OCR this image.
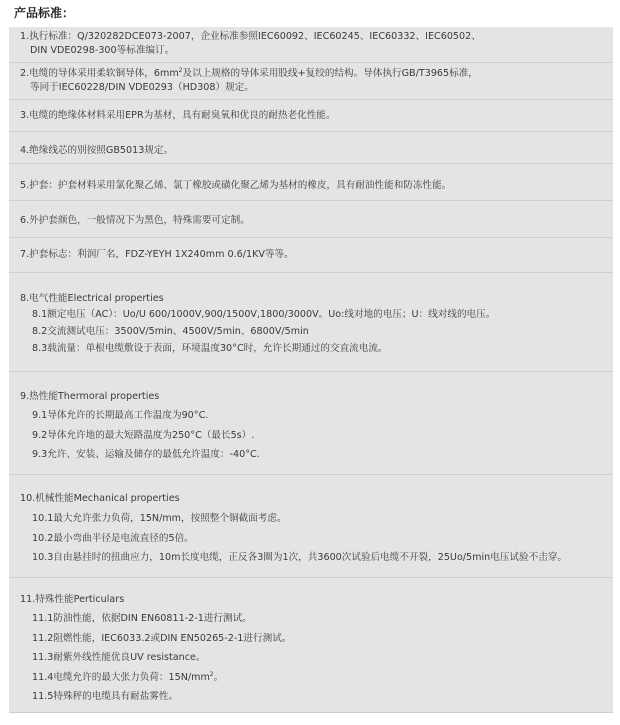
产品标准：
1.执行标准：Q/320282DCE073-2007，企业标准参照IEC60092、IEC60245、IEC60332、IEC60502、
DIN VDE0298-300等标准编订。
2.电缆的导体采用柔软铜导体，$6mm^2$及以上规格的导体采用股线+复绞的结构。导体执行GB/T3965标准，
等同于IEC60228/DIN VDE0293（HD308）规定。
3.电缆的绝缘体材料采用EPR为基材，具有耐臭氧和优良的耐热老化性能。
4.绝缘线芯的别按照GB5013规定。
5.护套：护套材料采用氯化聚乙烯、氯丁橡胶或磺化聚乙烯为基材的橡皮，具有耐油性能和防冻性能。
6.外护套颜色，一般情况下为黑色，特殊需要可定制。
7.护套标志：利润厂名，FDZ-YEYH 1X240mm 0.6/1KV等等。
8.电气性能Electrical properties
8.1额定电压（AC）：Uo/U 600/1000V,900/1500V,1800/3000V。Uo:线对地的电压；U：线对线的电压。
8.2交流测试电压：3500V/5min、4500V/5min、6800V/5min
8.3载流量：单根电缆敷设于表面，环境温度30°C时，允许长期通过的交直流电流。
9.热性能Thermoral properties
9.1导体允许的长期最高工作温度为90°C.
9.2导体允许地的最大短路温度为250°C（最长5s）.
9.3允许、安装、运输及储存的最低允许温度：-40°C.
10.机械性能Mechanical properties
10.1最大允许张力负荷，15N/mm，按照整个铜截面考虑。
10.2最小弯曲半径是电流直径的5倍。
10.3自由悬挂时的扭曲应力，10m长度电缆，正反各3圈为1次，共3600次试验后电缆不开裂，25Uo/5min电压试验不击穿。
11.特殊性能Perticulars
11.1防油性能，依据DIN EN60811-2-1进行测试。
11.2阻燃性能，IEC6033.2或DIN EN50265-2-1进行测试。
11.3耐紫外线性能优良UV resistance。
11.4电缆允许的最大张力负荷：$15N/mm^2$。
11.5特殊秤的电缆具有耐盐雾性。
